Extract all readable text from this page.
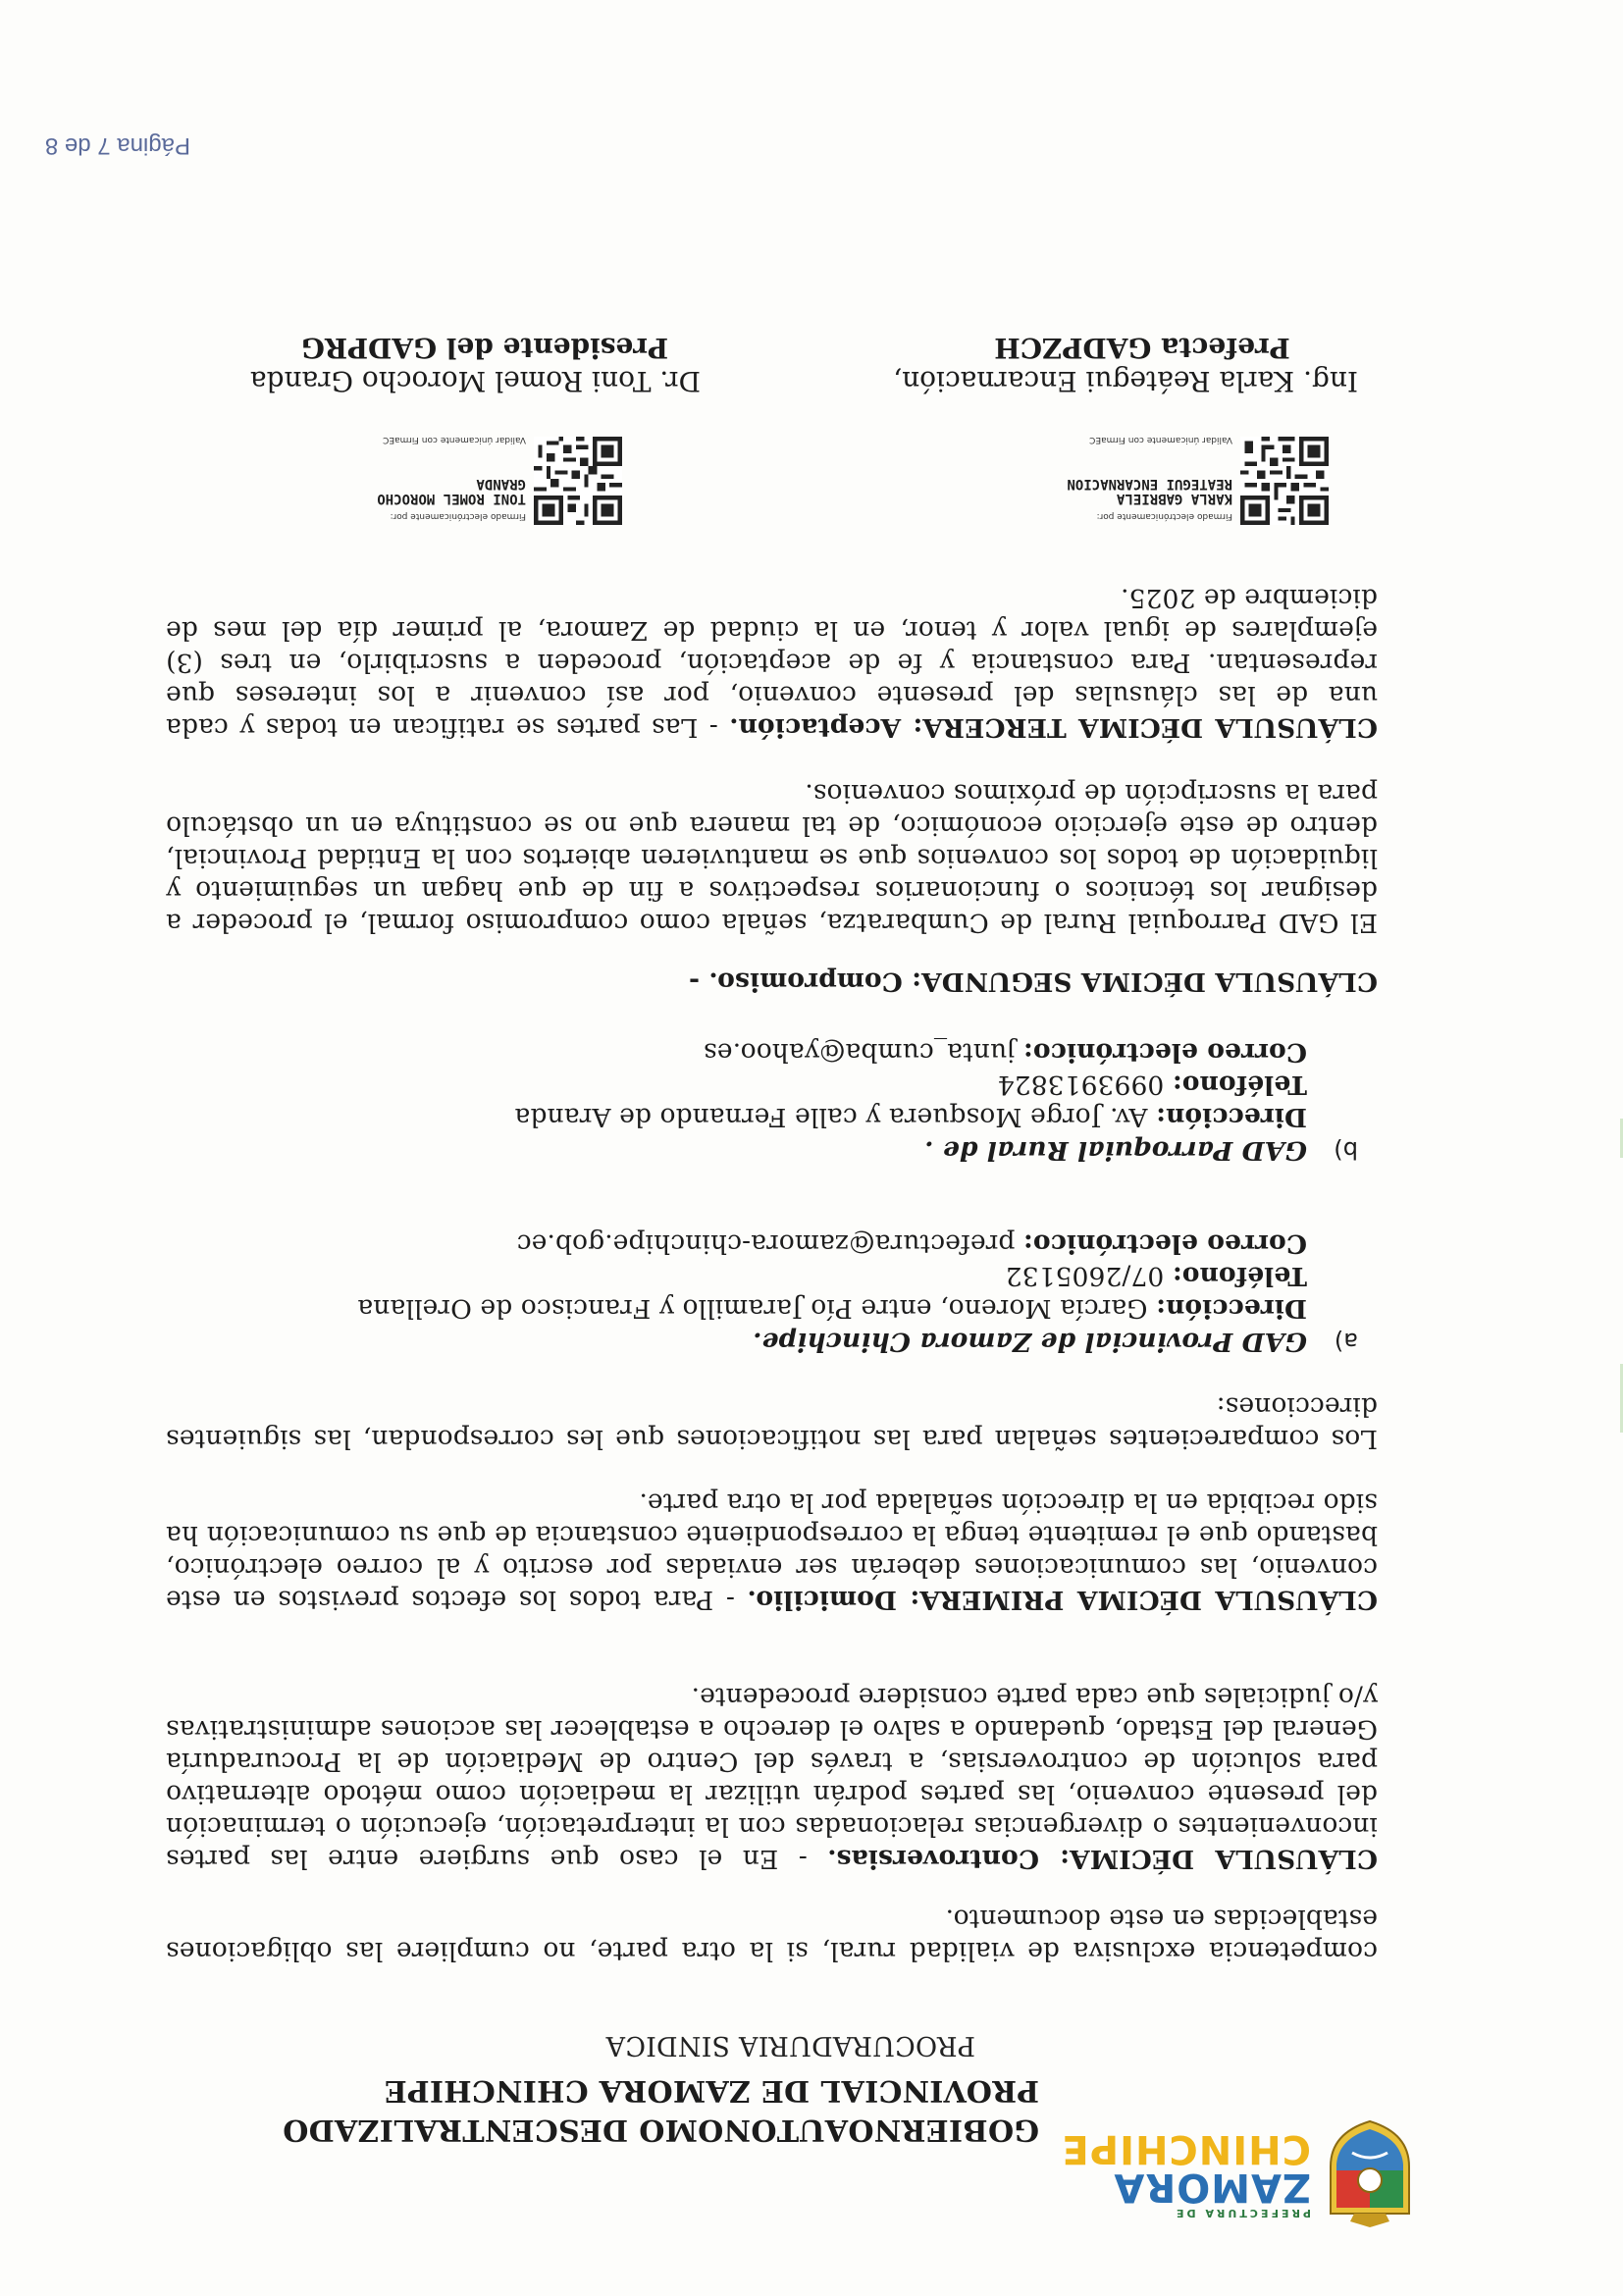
PREFECTURA DE
ZAMORA
CHINCHIPE
GOBIERNOAUTONOMO DESCENTRALIZADO
PROVINCIAL DE ZAMORA CHINCHIPE
PROCURADURIA SINDICA
competencia exclusiva de vialidad rural, si la otra parte, no cumpliere las obligaciones establecidas en este documento.
CLÁUSULA DÉCIMA: Controversias. - En el caso que surgiere entre las partes inconvenientes o divergencias relacionadas con la interpretación, ejecución o terminación del presente convenio, las partes podrán utilizar la mediación como método alternativo para solución de controversias, a través del Centro de Mediación de la Procuraduría General del Estado, quedando a salvo el derecho a establecer las acciones administrativas y/o judiciales que cada parte considere procedente.
CLÁUSULA DÉCIMA PRIMERA: Domicilio. - Para todos los efectos previstos en este convenio, las comunicaciones deberán ser enviadas por escrito y al correo electrónico, bastando que el remitente tenga la correspondiente constancia de que su comunicación ha sido recibida en la dirección señalada por la otra parte.
Los comparecientes señalan para las notificaciones que les correspondan, las siguientes direcciones:
a)GAD Provincial de Zamora Chinchipe.
Dirección: García Moreno, entre Pío Jaramillo y Francisco de Orellana
Teléfono: 07/2605132
Correo electrónico: prefectura@zamora-chinchipe.gob.ec
b)GAD Parroquial Rural de .
Dirección: Av. Jorge Mosquera y calle Fernando de Aranda
Teléfono: 0993913824
Correo electrónico: junta_cumba@yahoo.es
CLÁUSULA DÉCIMA SEGUNDA: Compromiso. -
El GAD Parroquial Rural de Cumbaratza, señala como compromiso formal, el proceder a designar los técnicos o funcionarios respectivos a fin de que hagan un seguimiento y liquidación de todos los convenios que se mantuvieren abiertos con la Entidad Provincial, dentro de este ejercicio económico, de tal manera que no se constituya en un obstáculo para la suscripción de próximos convenios.
CLÁUSULA DÉCIMA TERCERA: Aceptación. - Las partes se ratifican en todas y cada una de las cláusulas del presente convenio, por así convenir a los intereses que representan. Para constancia y fe de aceptación, proceden a suscribirlo, en tres (3) ejemplares de igual valor y tenor, en la ciudad de Zamora, al primer día del mes de diciembre de 2025.
Firmado electrónicamente por:
KARLA GABRIELA REATEGUI ENCARNACION
Validar únicamente con FirmaEC
Ing. Karla Reátegui Encarnación,
Prefecta GADPZCH
Firmado electrónicamente por:
TONI ROMEL MOROCHO GRANDA
Validar únicamente con FirmaEC
Dr. Toni Romel Morocho Granda
Presidente del GADPRG
Página 7 de 8
